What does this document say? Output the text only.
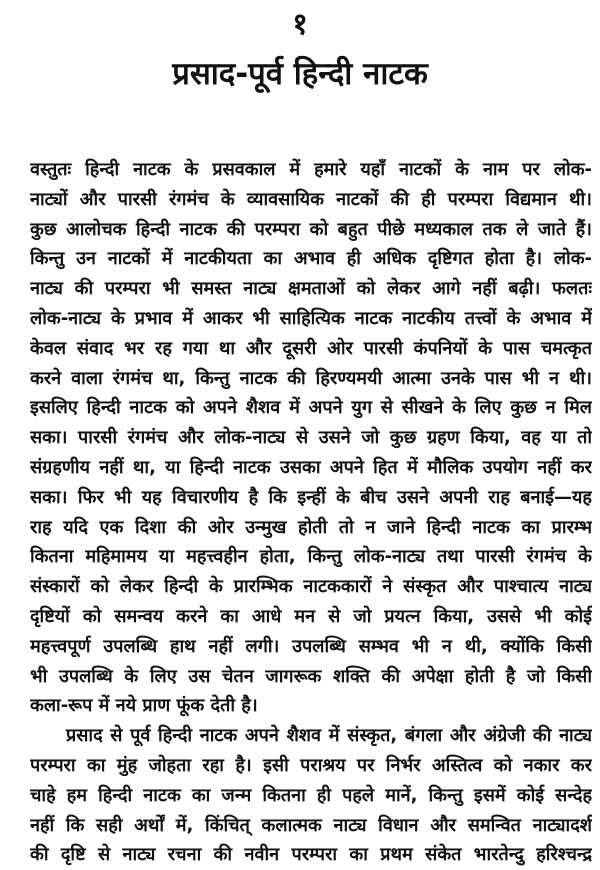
१
प्रसाद-पूर्व हिन्दी नाटक
वस्तुतः हिन्दी नाटक के प्रसवकाल में हमारे यहाँ नाटकों के नाम पर लोक-
नाट्यों और पारसी रंगमंच के व्यावसायिक नाटकों की ही परम्परा विद्यमान थी।
कुछ आलोचक हिन्दी नाटक की परम्परा को बहुत पीछे मध्यकाल तक ले जाते हैं।
किन्तु उन नाटकों में नाटकीयता का अभाव ही अधिक दृष्टिगत होता है। लोक-
नाट्य की परम्परा भी समस्त नाट्य क्षमताओं को लेकर आगे नहीं बढ़ी। फलतः
लोक-नाट्य के प्रभाव में आकर भी साहित्यिक नाटक नाटकीय तत्त्वों के अभाव में
केवल संवाद भर रह गया था और दूसरी ओर पारसी कंपनियों के पास चमत्कृत
करने वाला रंगमंच था, किन्तु नाटक की हिरण्यमयी आत्मा उनके पास भी न थी।
इसलिए हिन्दी नाटक को अपने शैशव में अपने युग से सीखने के लिए कुछ न मिल
सका। पारसी रंगमंच और लोक-नाट्य से उसने जो कुछ ग्रहण किया, वह या तो
संग्रहणीय नहीं था, या हिन्दी नाटक उसका अपने हित में मौलिक उपयोग नहीं कर
सका। फिर भी यह विचारणीय है कि इन्हीं के बीच उसने अपनी राह बनाई—यह
राह यदि एक दिशा की ओर उन्मुख होती तो न जाने हिन्दी नाटक का प्रारम्भ
कितना महिमामय या महत्त्वहीन होता, किन्तु लोक-नाट्य तथा पारसी रंगमंच के
संस्कारों को लेकर हिन्दी के प्रारम्भिक नाटककारों ने संस्कृत और पाश्चात्य नाट्य
दृष्टियों को समन्वय करने का आधे मन से जो प्रयत्न किया, उससे भी कोई
महत्त्वपूर्ण उपलब्धि हाथ नहीं लगी। उपलब्धि सम्भव भी न थी, क्योंकि किसी
भी उपलब्धि के लिए उस चेतन जागरूक शक्ति की अपेक्षा होती है जो किसी
कला-रूप में नये प्राण फूंक देती है।
प्रसाद से पूर्व हिन्दी नाटक अपने शैशव में संस्कृत, बंगला और अंग्रेजी की नाट्य
परम्परा का मुंह जोहता रहा है। इसी पराश्रय पर निर्भर अस्तित्व को नकार कर
चाहे हम हिन्दी नाटक का जन्म कितना ही पहले मानें, किन्तु इसमें कोई सन्देह
नहीं कि सही अर्थों में, किंचित् कलात्मक नाट्य विधान और समन्वित नाट्यादर्श
की दृष्टि से नाट्य रचना की नवीन परम्परा का प्रथम संकेत भारतेन्दु हरिश्चन्द्र
